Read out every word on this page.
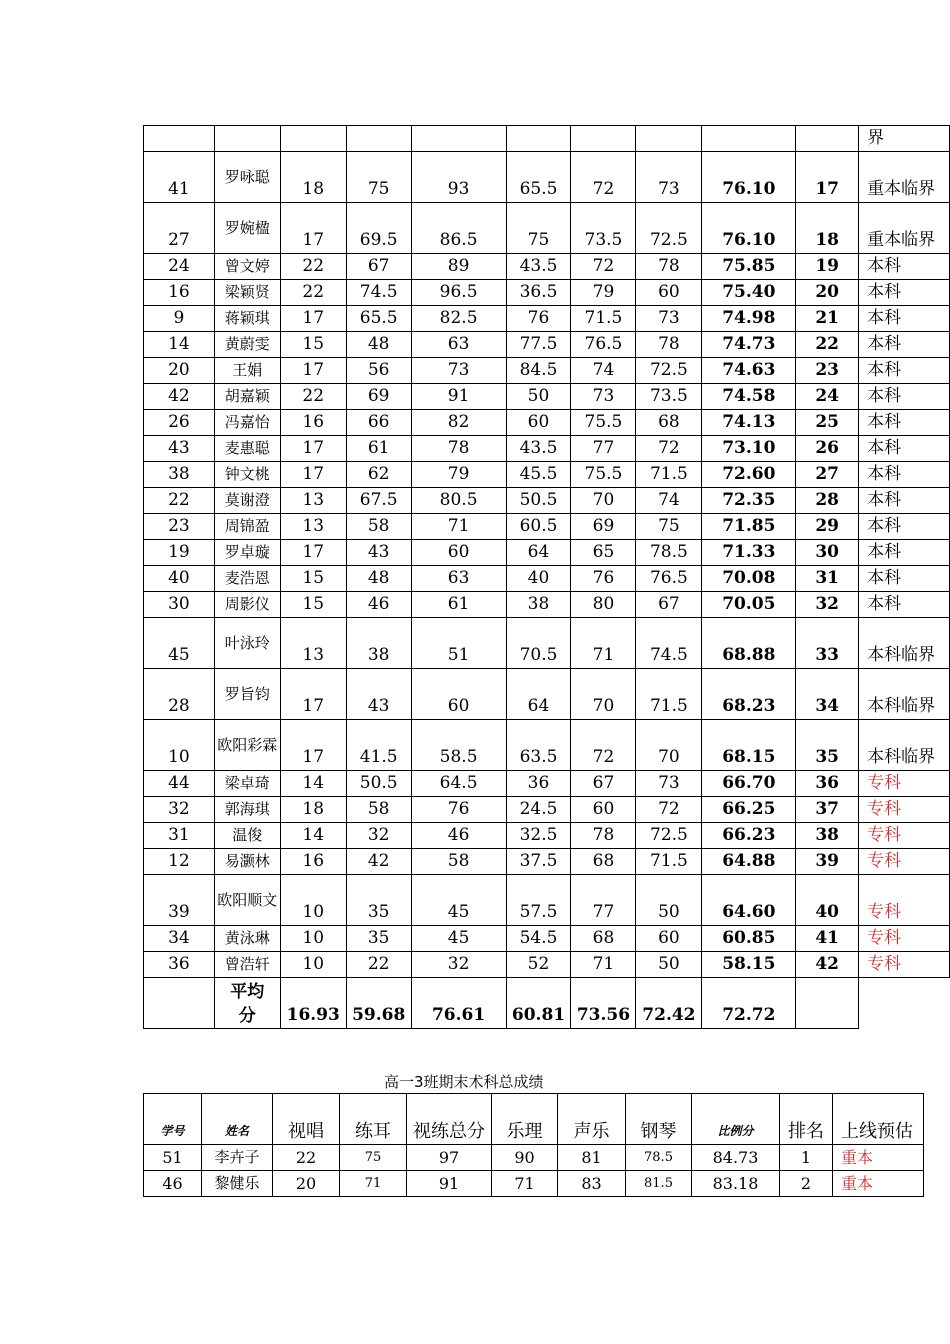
										界
41	罗咏聪	18	75	93	65.5	72	73	76.10	17	重本临界
27	罗婉楹	17	69.5	86.5	75	73.5	72.5	76.10	18	重本临界
24	曾文婷	22	67	89	43.5	72	78	75.85	19	本科
16	梁颖贤	22	74.5	96.5	36.5	79	60	75.40	20	本科
9	蒋颖琪	17	65.5	82.5	76	71.5	73	74.98	21	本科
14	黄蔚雯	15	48	63	77.5	76.5	78	74.73	22	本科
20	王娟	17	56	73	84.5	74	72.5	74.63	23	本科
42	胡嘉颖	22	69	91	50	73	73.5	74.58	24	本科
26	冯嘉怡	16	66	82	60	75.5	68	74.13	25	本科
43	麦惠聪	17	61	78	43.5	77	72	73.10	26	本科
38	钟文桃	17	62	79	45.5	75.5	71.5	72.60	27	本科
22	莫谢澄	13	67.5	80.5	50.5	70	74	72.35	28	本科
23	周锦盈	13	58	71	60.5	69	75	71.85	29	本科
19	罗卓璇	17	43	60	64	65	78.5	71.33	30	本科
40	麦浩恩	15	48	63	40	76	76.5	70.08	31	本科
30	周影仪	15	46	61	38	80	67	70.05	32	本科
45	叶泳玲	13	38	51	70.5	71	74.5	68.88	33	本科临界
28	罗旨钧	17	43	60	64	70	71.5	68.23	34	本科临界
10	欧阳彩霖	17	41.5	58.5	63.5	72	70	68.15	35	本科临界
44	梁卓琦	14	50.5	64.5	36	67	73	66.70	36	专科
32	郭海琪	18	58	76	24.5	60	72	66.25	37	专科
31	温俊	14	32	46	32.5	78	72.5	66.23	38	专科
12	易灏林	16	42	58	37.5	68	71.5	64.88	39	专科
39	欧阳顺文	10	35	45	57.5	77	50	64.60	40	专科
34	黄泳琳	10	35	45	54.5	68	60	60.85	41	专科
36	曾浩轩	10	22	32	52	71	50	58.15	42	专科
	平均分	16.93	59.68	76.61	60.81	73.56	72.42	72.72		
高一3班期末术科总成绩
学号	姓名	视唱	练耳	视练总分	乐理	声乐	钢琴	比例分	排名	上线预估
51	李卉子	22	75	97	90	81	78.5	84.73	1	重本
46	黎健乐	20	71	91	71	83	81.5	83.18	2	重本
